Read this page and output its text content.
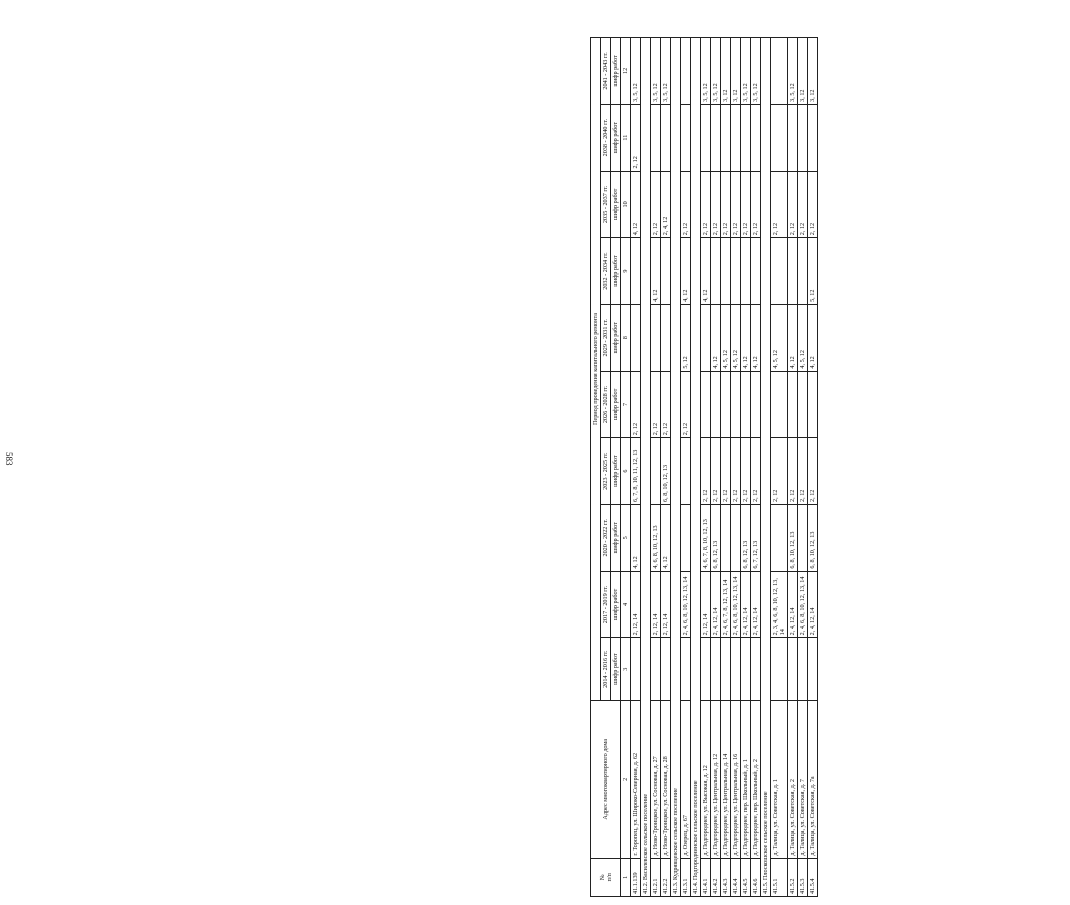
583
№
п/п	Адрес многоквартирного дома	Период проведения капитального ремонта									
		2014 - 2016 гг.	2017 - 2019 гг.	2020 - 2022 гг.	2023 - 2025 гг.	2026 - 2028 гг.	2029 - 2031 гг.	2032 - 2034 гг.	2035 - 2037 гг.	2038 - 2040 гг.	2041 - 2043 гг.
		шифр работ	шифр работ	шифр работ	шифр работ	шифр работ	шифр работ	шифр работ	шифр работ	шифр работ	шифр работ
1	2	3	4	5	6	7	8	9	10	11	12
41.1.139	г. Торопец, ул. Широко-Северная, д. 62		2, 12, 14	4, 12	6, 7, 8, 10, 11, 12, 13	2, 12			4, 12	2, 12	3, 5, 12
41.2. Василевское сельское поселение											
41.2.1	д. Ново-Троицкое, ул. Сосновая, д. 27		2, 12, 14	4, 6, 8, 10, 12, 13		2, 12		4, 12	2, 12		3, 5, 12
41.2.2	д. Ново-Троицкое, ул. Сосновая, д. 28		2, 12, 14	4, 12	6, 8, 10, 12, 13	2, 12			2, 4, 12		3, 5, 12
41.3. Кудрявцевское сельское поселение											
41.3.1	д. Озерец, д. 67		2, 4, 6, 8, 10, 12, 13, 14			2, 12	5, 12	4, 12	2, 12		
41.4. Подгороднинское сельское поселение											
41.4.1	д. Подгороднее, ул. Высокая, д. 12		2, 12, 14	4, 6, 7, 8, 10, 12, 13	2, 12			4, 12	2, 12		3, 5, 12
41.4.2	д. Подгороднее, ул. Центральная, д. 12		2, 4, 12, 14	6, 8, 12, 13	2, 12		4, 12		2, 12		3, 5, 12
41.4.3	д. Подгороднее, ул. Центральная, д. 14		2, 4, 6, 7, 8, 12, 13, 14		2, 12		4, 5, 12		2, 12		3, 12
41.4.4	д. Подгороднее, ул. Центральная, д. 16		2, 4, 6, 8, 10, 12, 13, 14		2, 12		4, 5, 12		2, 12		3, 12
41.4.5	д. Подгороднее, пер. Школьный, д. 1		2, 4, 12, 14	6, 8, 12, 13	2, 12		4, 12		2, 12		3, 5, 12
41.4.6	д. Подгороднее, пер. Школьный, д. 2		2, 4, 12, 14	6, 7, 12, 13	2, 12		4, 12		2, 12		3, 5, 12
41.5. Плоскошское сельское поселение											
41.5.1	д. Талица, ул. Советская, д. 1		2, 3, 4, 6, 8, 10, 12, 13, 14		2, 12		4, 5, 12		2, 12		
41.5.2	д. Талица, ул. Советская, д. 2		2, 4, 12, 14	6, 8, 10, 12, 13	2, 12		4, 12		2, 12		3, 5, 12
41.5.3	д. Талица, ул. Советская, д. 7		2, 4, 6, 8, 10, 12, 13, 14		2, 12		4, 5, 12		2, 12		3, 12
41.5.4	д. Талица, ул. Советская, д. 7а		2, 4, 12, 14	6, 8, 10, 12, 13	2, 12		4, 12	5, 12	2, 12		3, 12
